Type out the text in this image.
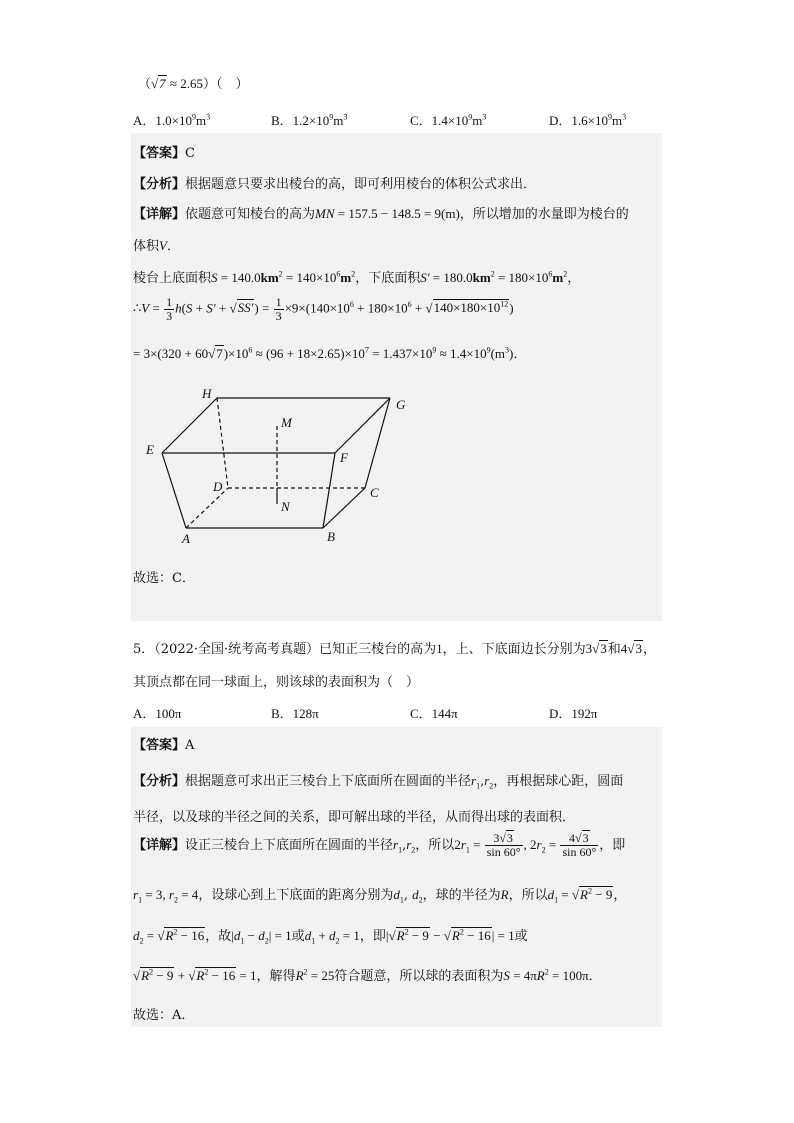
（√7 ≈ 2.65）（　）
A．$1.0\times 10^9m^3$	B．$1.2\times 10^9m^3$	C．$1.4\times 10^9m^3$	D．$1.6\times 10^9m^3$
【答案】C
【分析】根据题意只要求出棱台的高，即可利用棱台的体积公式求出．
【详解】依题意可知棱台的高为MN = 157.5 − 148.5 = 9(m)，所以增加的水量即为棱台的
体积V．
棱台上底面积$S = 140.0km^2 = 140\times 10^6m^2$，下底面积$S' = 180.0km^2 = 180\times 10^6m^2$，
∴V = $\frac{1}{3} h(S + S' + √SS') = \frac{1}{3} \times 9\times(140\times 10^6 + 180\times 10^6 + √140\times 180\times 10^{12})$
= $3\times(320 + 60√7)\times 10^6 \approx (96 + 18\times 2.65)\times 10^7 = 1.437\times 10^9 \approx 1.4\times 10^9(m^3)$．
H
G
M
E
F
D	C
N
A	B
故选：C．
5．（2022·全国·统考高考真题）已知正三棱台的高为1，上、下底面边长分别为3√3和4√3，
其顶点都在同一球面上，则该球的表面积为（　）
A．100π	B．128π	C．144π	D．192π
【答案】A
【分析】根据题意可求出正三棱台上下底面所在圆面的半径$r_1,r_2$，再根据球心距，圆面
半径，以及球的半径之间的关系，即可解出球的半径，从而得出球的表面积．
【详解】设正三棱台上下底面所在圆面的半径$r_1,r_2$，所以$2r_1 = \frac{3√3}{\sin 60^\circ}$ , $2r_2 = \frac{4√3}{\sin 60^\circ}$ ，即
$r_1 = 3$, $r_2 = 4$，设球心到上下底面的距离分别为$d_1$, $d_2$，球的半径为R，所以$d_1 = √R^2 - 9$，
$d_2 = √R^2 - 16$，故$|d_1 - d_2| = 1$或$d_1 + d_2 = 1$，即$|√R^2 - 9 - √R^2 - 16| = 1$或
$√R^2 - 9 + √R^2 - 16 = 1$，解得$R^2 = 25$符合题意，所以球的表面积为$S = 4\pi R^2 = 100\pi$．
故选：A．
